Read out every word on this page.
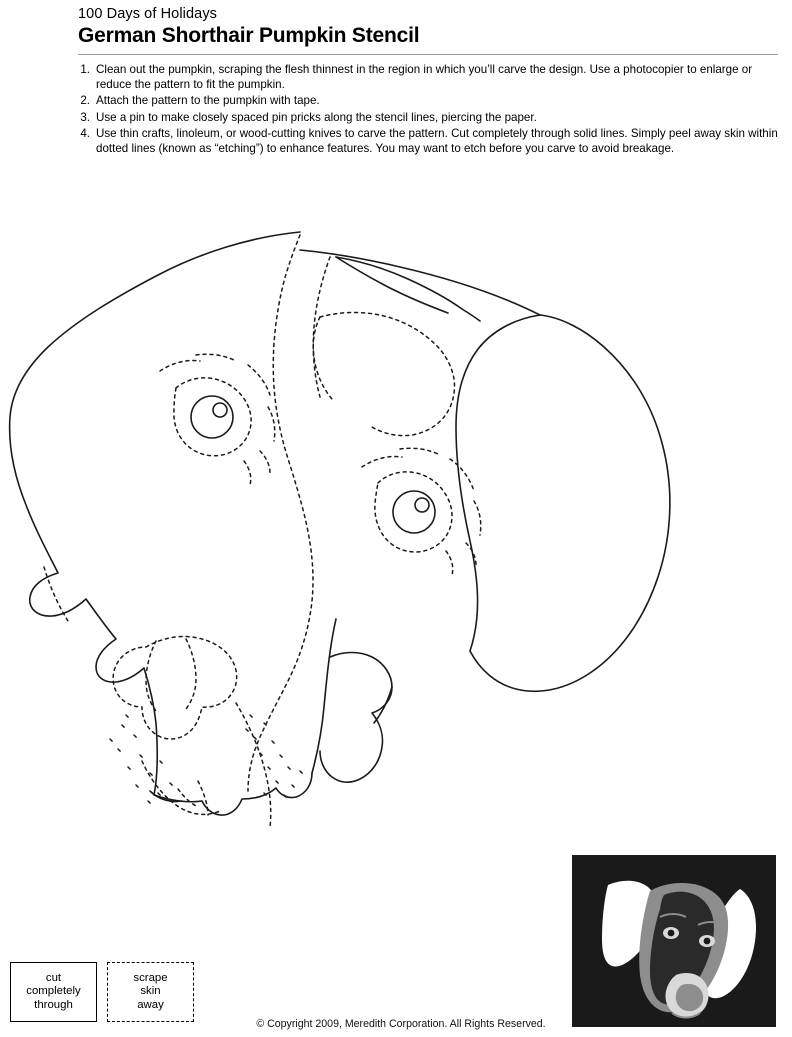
100 Days of Holidays

German Shorthair Pumpkin Stencil
1. Clean out the pumpkin, scraping the flesh thinnest in the region in which you’ll carve the design. Use a photocopier to enlarge or reduce the pattern to fit the pumpkin.
2. Attach the pattern to the pumpkin with tape.
3. Use a pin to make closely spaced pin pricks along the stencil lines, piercing the paper.
4. Use thin crafts, linoleum, or wood-cutting knives to carve the pattern. Cut completely through solid lines. Simply peel away skin within dotted lines (known as “etching”) to enhance features. You may want to etch before you carve to avoid breakage.
cut
completely
through
scrape
skin
away
© Copyright 2009, Meredith Corporation. All Rights Reserved.
